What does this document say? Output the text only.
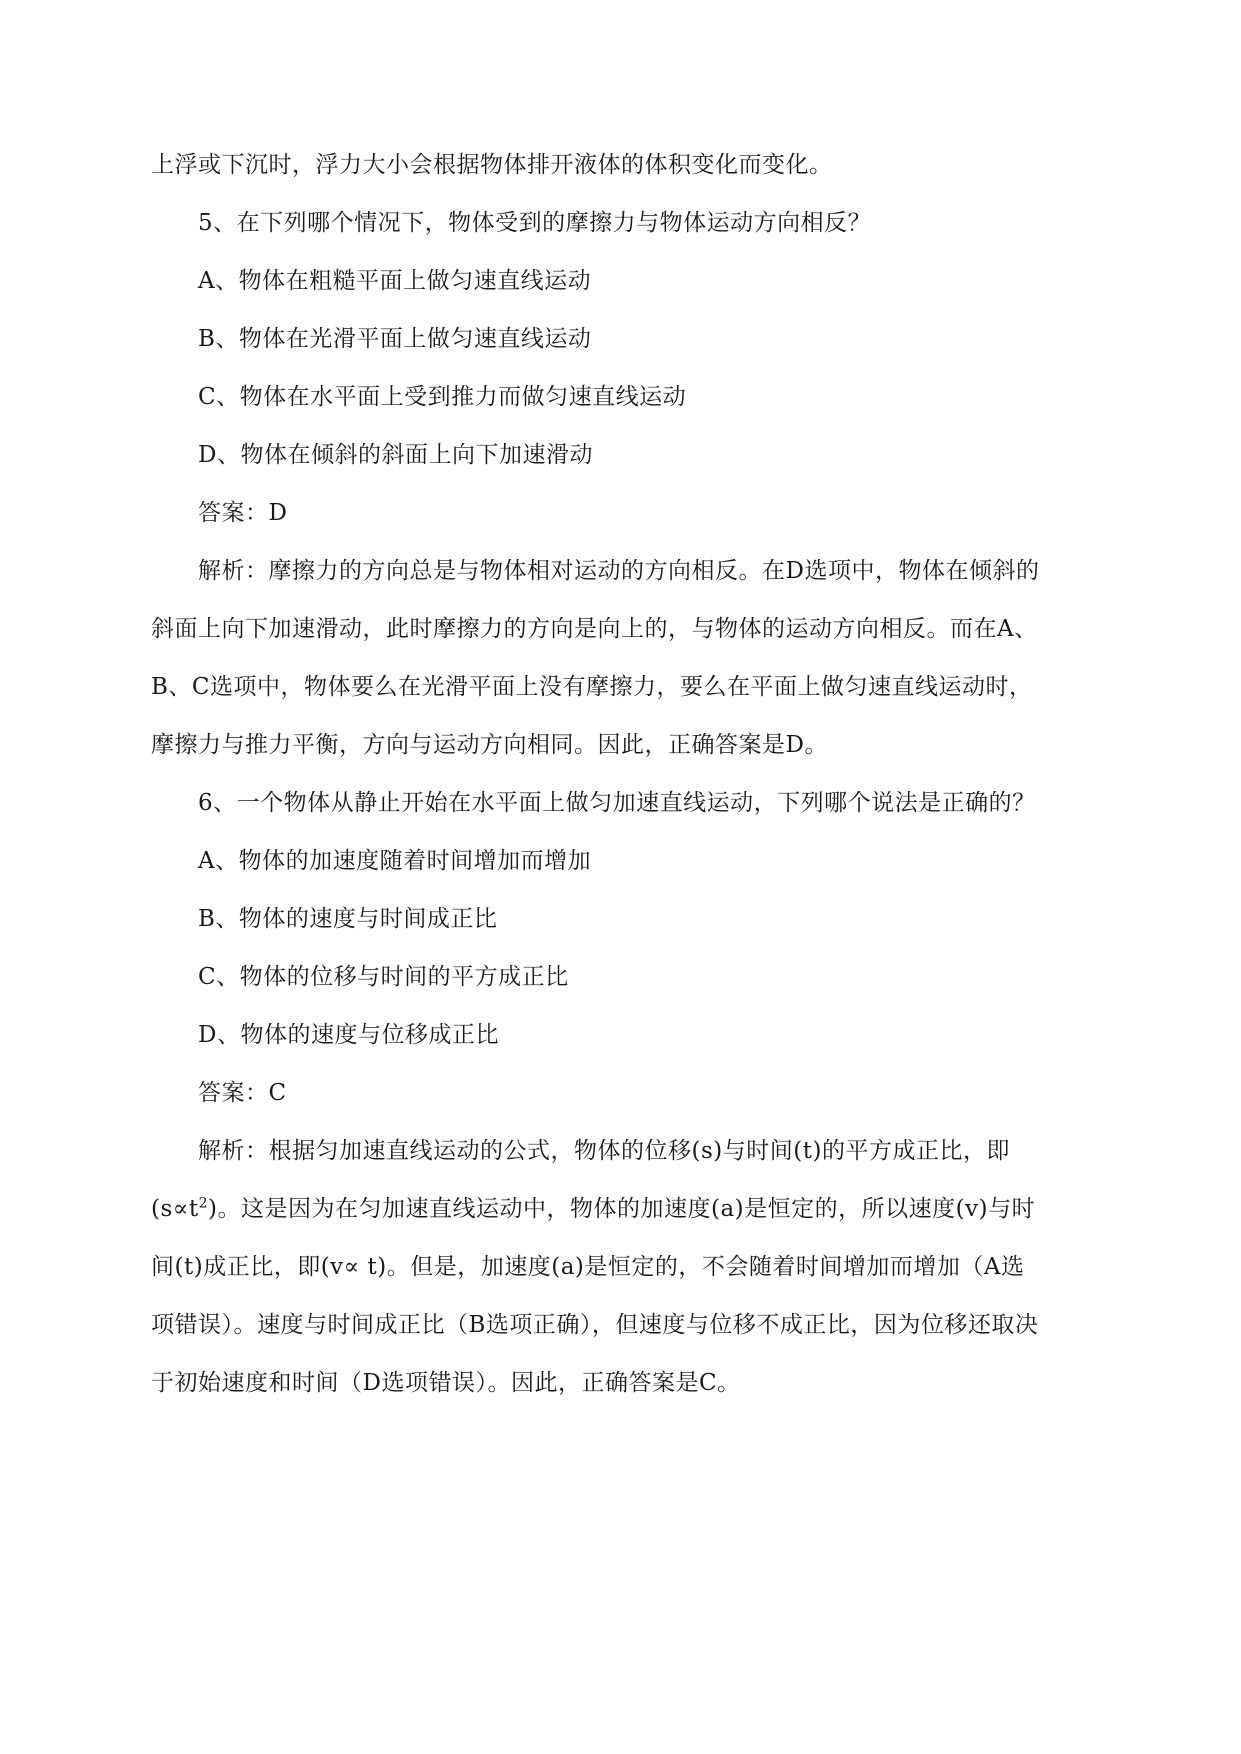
上浮或下沉时，浮力大小会根据物体排开液体的体积变化而变化。
5、在下列哪个情况下，物体受到的摩擦力与物体运动方向相反？
A、物体在粗糙平面上做匀速直线运动
B、物体在光滑平面上做匀速直线运动
C、物体在水平面上受到推力而做匀速直线运动
D、物体在倾斜的斜面上向下加速滑动
答案：D
解析：摩擦力的方向总是与物体相对运动的方向相反。在D选项中，物体在倾斜的
斜面上向下加速滑动，此时摩擦力的方向是向上的，与物体的运动方向相反。而在A、
B、C选项中，物体要么在光滑平面上没有摩擦力，要么在平面上做匀速直线运动时，
摩擦力与推力平衡，方向与运动方向相同。因此，正确答案是D。
6、一个物体从静止开始在水平面上做匀加速直线运动，下列哪个说法是正确的？
A、物体的加速度随着时间增加而增加
B、物体的速度与时间成正比
C、物体的位移与时间的平方成正比
D、物体的速度与位移成正比
答案：C
解析：根据匀加速直线运动的公式，物体的位移(s)与时间(t)的平方成正比，即
$(s\propto t^2)$。这是因为在匀加速直线运动中，物体的加速度(a)是恒定的，所以速度(v)与时
间(t)成正比，即(v∝ t)。但是，加速度(a)是恒定的，不会随着时间增加而增加（A选
项错误）。速度与时间成正比（B选项正确），但速度与位移不成正比，因为位移还取决
于初始速度和时间（D选项错误）。因此，正确答案是C。
